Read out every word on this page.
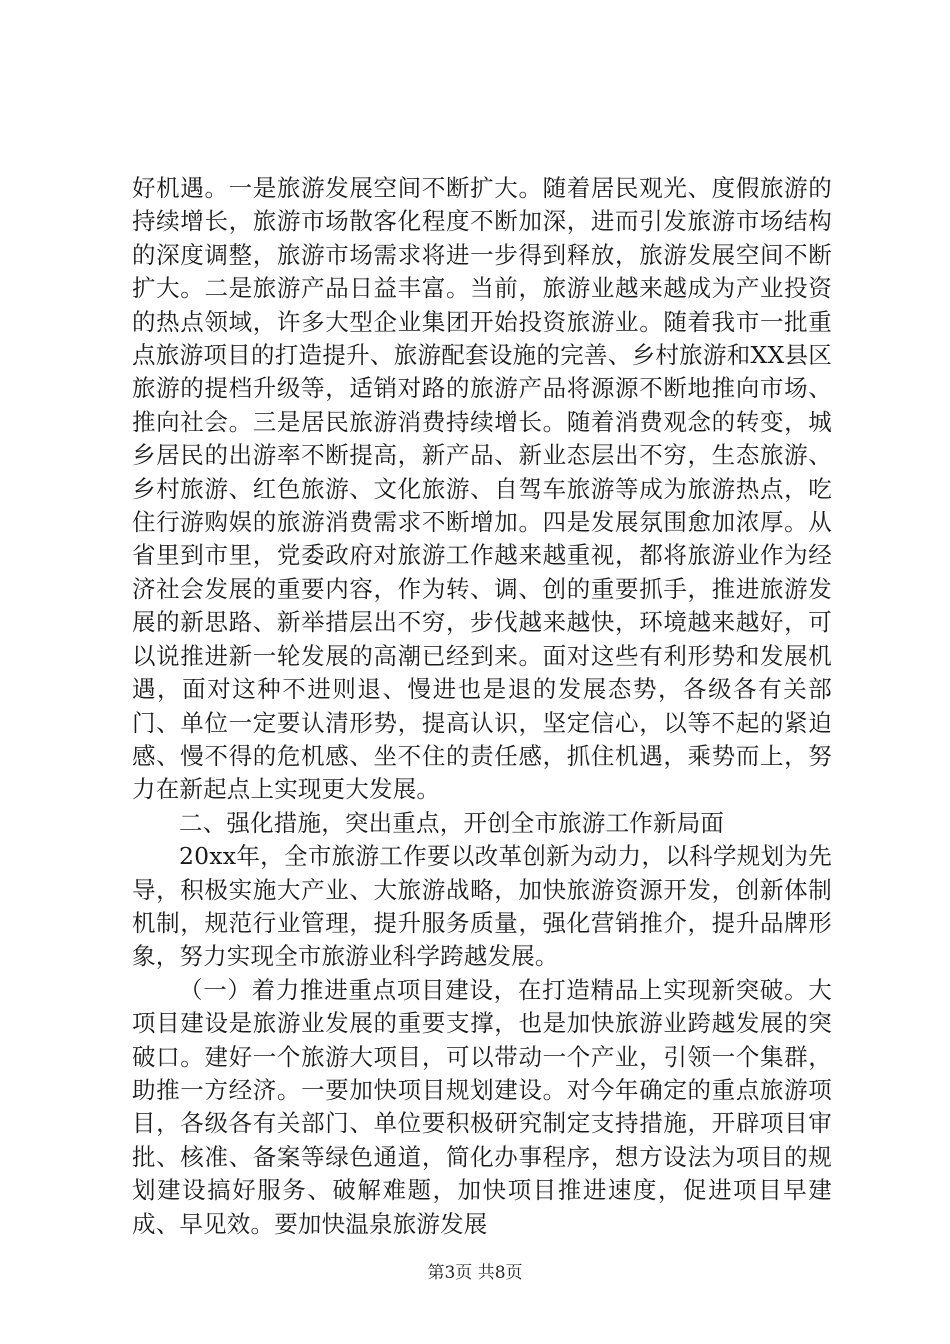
好机遇。一是旅游发展空间不断扩大。随着居民观光、度假旅游的持续增长，旅游市场散客化程度不断加深，进而引发旅游市场结构的深度调整，旅游市场需求将进一步得到释放，旅游发展空间不断扩大。二是旅游产品日益丰富。当前，旅游业越来越成为产业投资的热点领域，许多大型企业集团开始投资旅游业。随着我市一批重点旅游项目的打造提升、旅游配套设施的完善、乡村旅游和XX县区旅游的提档升级等，适销对路的旅游产品将源源不断地推向市场、推向社会。三是居民旅游消费持续增长。随着消费观念的转变，城乡居民的出游率不断提高，新产品、新业态层出不穷，生态旅游、乡村旅游、红色旅游、文化旅游、自驾车旅游等成为旅游热点，吃住行游购娱的旅游消费需求不断增加。四是发展氛围愈加浓厚。从省里到市里，党委政府对旅游工作越来越重视，都将旅游业作为经济社会发展的重要内容，作为转、调、创的重要抓手，推进旅游发展的新思路、新举措层出不穷，步伐越来越快，环境越来越好，可以说推进新一轮发展的高潮已经到来。面对这些有利形势和发展机遇，面对这种不进则退、慢进也是退的发展态势，各级各有关部门、单位一定要认清形势，提高认识，坚定信心，以等不起的紧迫感、慢不得的危机感、坐不住的责任感，抓住机遇，乘势而上，努力在新起点上实现更大发展。

二、强化措施，突出重点，开创全市旅游工作新局面

20xx年，全市旅游工作要以改革创新为动力，以科学规划为先导，积极实施大产业、大旅游战略，加快旅游资源开发，创新体制机制，规范行业管理，提升服务质量，强化营销推介，提升品牌形象，努力实现全市旅游业科学跨越发展。

（一）着力推进重点项目建设，在打造精品上实现新突破。大项目建设是旅游业发展的重要支撑，也是加快旅游业跨越发展的突破口。建好一个旅游大项目，可以带动一个产业，引领一个集群，助推一方经济。一要加快项目规划建设。对今年确定的重点旅游项目，各级各有关部门、单位要积极研究制定支持措施，开辟项目审批、核准、备案等绿色通道，简化办事程序，想方设法为项目的规划建设搞好服务、破解难题，加快项目推进速度，促进项目早建成、早见效。要加快温泉旅游发展

第3页 共8页
